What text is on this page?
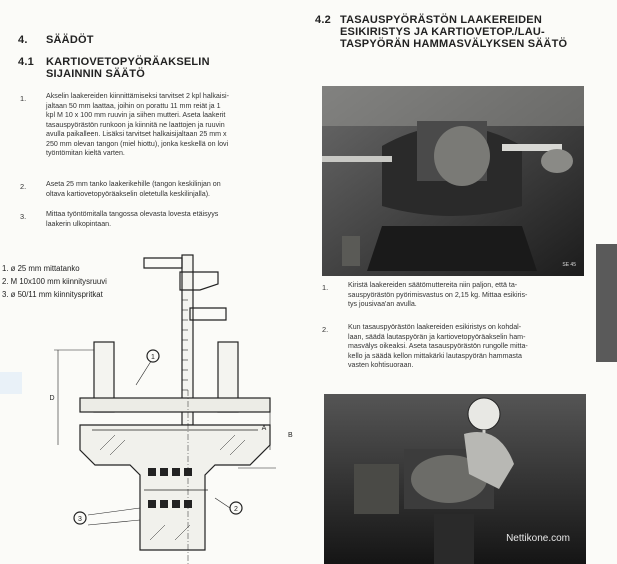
4. SÄÄDÖT
4.1 KARTIOVETOPYÖRÄAKSELIN
SIJAINNIN SÄÄTÖ
1.	Akselin laakereiden kiinnittämiseksi tarvitset 2 kpl halkaisi-
jaltaan 50 mm laattaa, joihin on porattu 11 mm reiät ja 1
kpl M 10 x 100 mm ruuvin ja siihen mutteri. Aseta laakerit
tasauspyörästön runkoon ja kiinnitä ne laattojen ja ruuvin
avulla paikalleen. Lisäksi tarvitset halkaisijaltaan 25 mm x
250 mm olevan tangon (miel hiottu), jonka keskellä on lovi
työntömitan kieltä varten.
2.	Aseta 25 mm tanko laakerikehille (tangon keskilinjan on
oltava kartiovetopyöräakselin oletetulla keskilinjalla).
3.	Mittaa työntömitalla tangossa olevasta lovesta etäisyys
laakerin ulkopintaan.
1. ø 25 mm mittatanko
2. M 10x100 mm kiinnitysruuvi
3. ø 50/11 mm kiinnityspritkat
D
A
1
2
3
B
4.2 TASAUSPYÖRÄSTÖN LAAKEREIDEN
ESIKIRISTYS JA KARTIOVETOP./LAU-
TASPYÖRÄN HAMMASVÄLYKSEN SÄÄTÖ
SE 45
1.	Kiristä laakereiden säätömuttereita niin paljon, että ta-
sauspyörästön pyörimisvastus on 2,15 kg. Mittaa esikiris-
tys jousivaa'an avulla.
2.	Kun tasauspyörästön laakereiden esikiristys on kohdal-
laan, säädä lautaspyörän ja kartiovetopyöräakselin ham-
masvälys oikeaksi. Aseta tasauspyörästön rungolle mitta-
kello ja säädä kellon mittakärki lautaspyörän hammasta
vasten kohtisuoraan.
Nettikone.com
